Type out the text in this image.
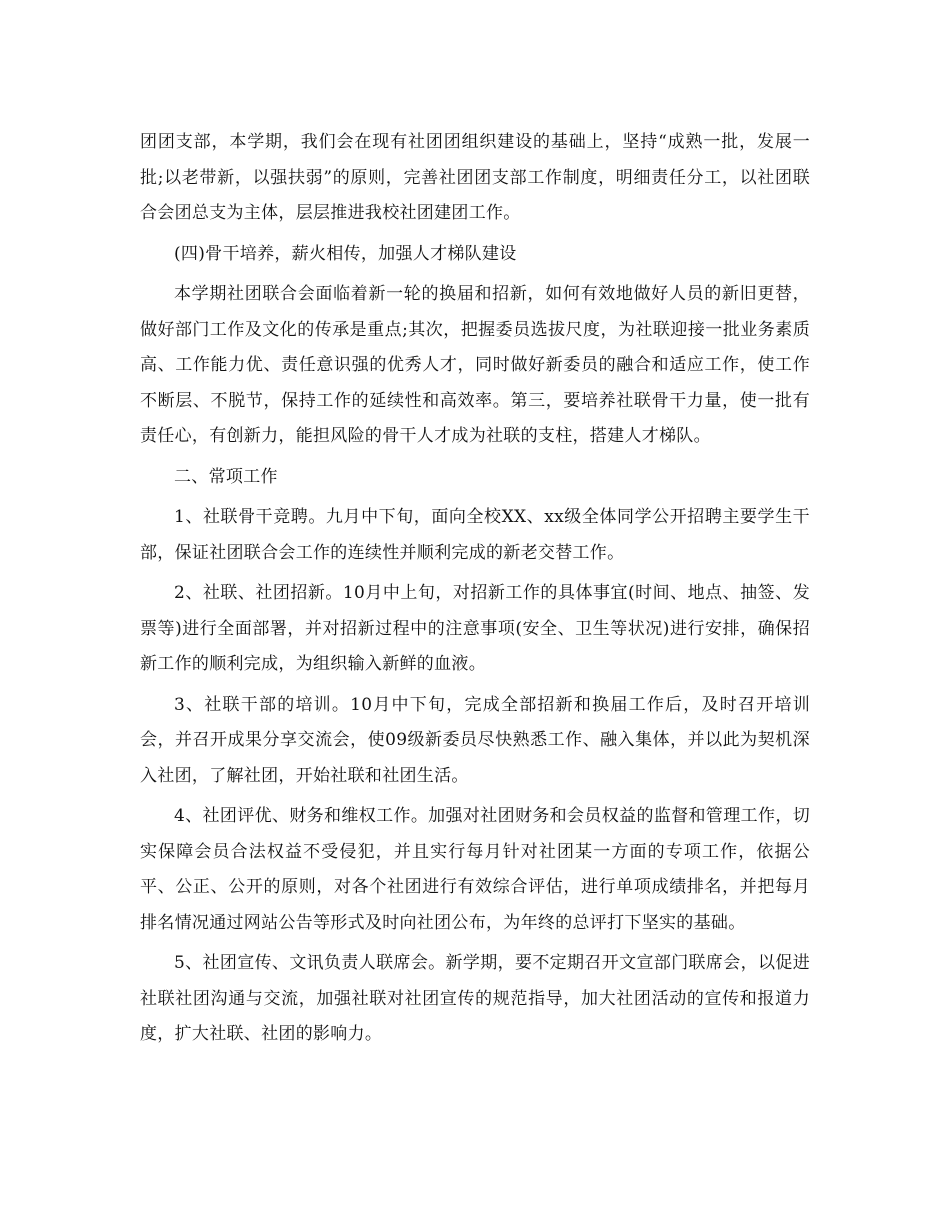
团团支部，本学期，我们会在现有社团团组织建设的基础上，坚持“成熟一批，发展一批;以老带新，以强扶弱”的原则，完善社团团支部工作制度，明细责任分工，以社团联合会团总支为主体，层层推进我校社团建团工作。

(四)骨干培养，薪火相传，加强人才梯队建设

本学期社团联合会面临着新一轮的换届和招新，如何有效地做好人员的新旧更替，做好部门工作及文化的传承是重点;其次，把握委员选拔尺度，为社联迎接一批业务素质高、工作能力优、责任意识强的优秀人才，同时做好新委员的融合和适应工作，使工作不断层、不脱节，保持工作的延续性和高效率。第三，要培养社联骨干力量，使一批有责任心，有创新力，能担风险的骨干人才成为社联的支柱，搭建人才梯队。

二、常项工作

1、社联骨干竞聘。九月中下旬，面向全校XX、xx级全体同学公开招聘主要学生干部，保证社团联合会工作的连续性并顺利完成的新老交替工作。

2、社联、社团招新。10月中上旬，对招新工作的具体事宜(时间、地点、抽签、发票等)进行全面部署，并对招新过程中的注意事项(安全、卫生等状况)进行安排，确保招新工作的顺利完成，为组织输入新鲜的血液。

3、社联干部的培训。10月中下旬，完成全部招新和换届工作后，及时召开培训会，并召开成果分享交流会，使09级新委员尽快熟悉工作、融入集体，并以此为契机深入社团，了解社团，开始社联和社团生活。

4、社团评优、财务和维权工作。加强对社团财务和会员权益的监督和管理工作，切实保障会员合法权益不受侵犯，并且实行每月针对社团某一方面的专项工作，依据公平、公正、公开的原则，对各个社团进行有效综合评估，进行单项成绩排名，并把每月排名情况通过网站公告等形式及时向社团公布，为年终的总评打下坚实的基础。

5、社团宣传、文讯负责人联席会。新学期，要不定期召开文宣部门联席会，以促进社联社团沟通与交流，加强社联对社团宣传的规范指导，加大社团活动的宣传和报道力度，扩大社联、社团的影响力。
